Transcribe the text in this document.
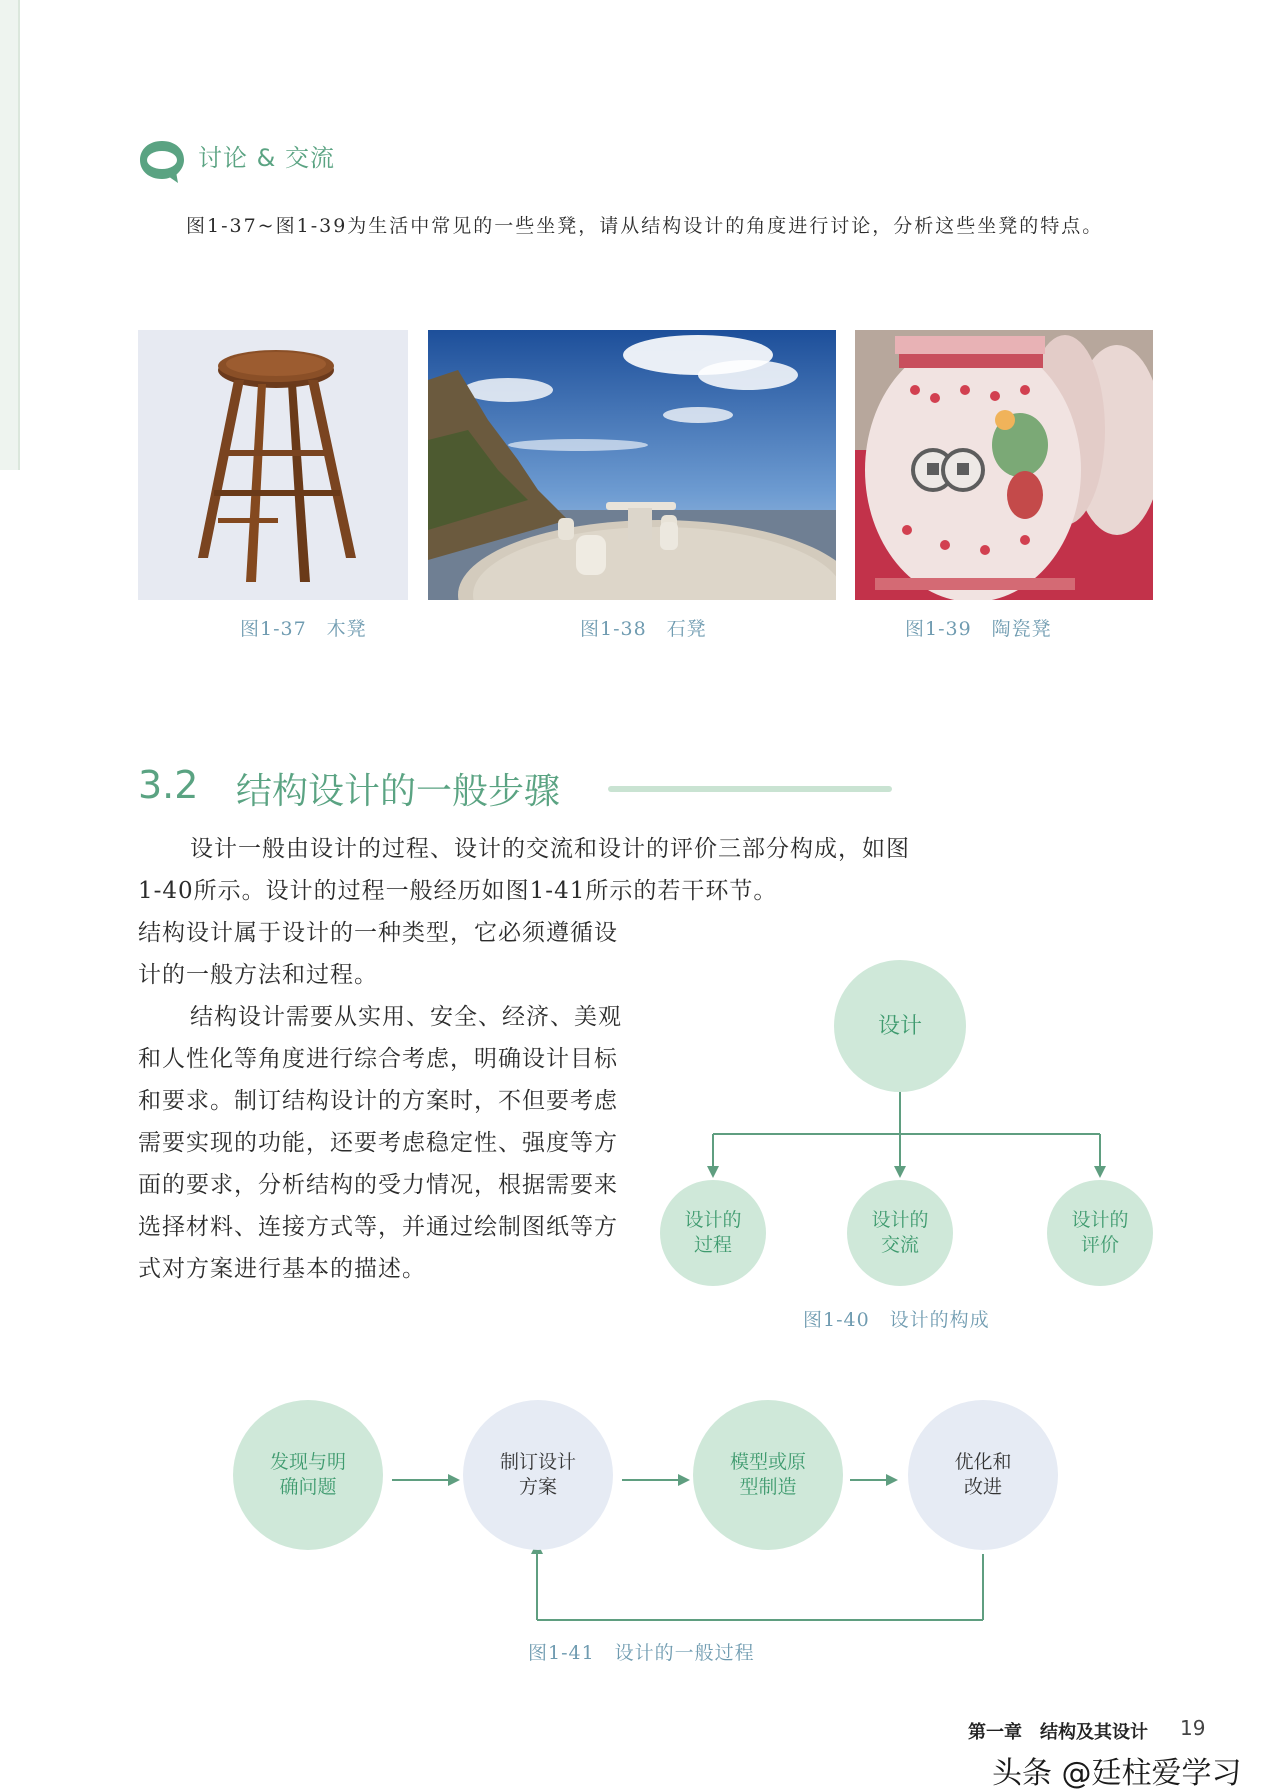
讨论 & 交流
图1-37~图1-39为生活中常见的一些坐凳，请从结构设计的角度进行讨论，分析这些坐凳的特点。
图1-37　木凳	图1-38　石凳	图1-39　陶瓷凳
3.2 结构设计的一般步骤
设计一般由设计的过程、设计的交流和设计的评价三部分构成，如图1-40所示。设计的过程一般经历如图1-41所示的若干环节。
结构设计属于设计的一种类型，它必须遵循设计的一般方法和过程。
结构设计需要从实用、安全、经济、美观和人性化等角度进行综合考虑，明确设计目标和要求。制订结构设计的方案时，不但要考虑需要实现的功能，还要考虑稳定性、强度等方面的要求，分析结构的受力情况，根据需要来选择材料、连接方式等，并通过绘制图纸等方式对方案进行基本的描述。
设计
设计的
过程
设计的
交流
设计的
评价
图1-40　设计的构成
发现与明
确问题
制订设计
方案
模型或原
型制造
优化和
改进
图1-41　设计的一般过程
第一章　结构及其设计 19
头条 @廷柱爱学习
